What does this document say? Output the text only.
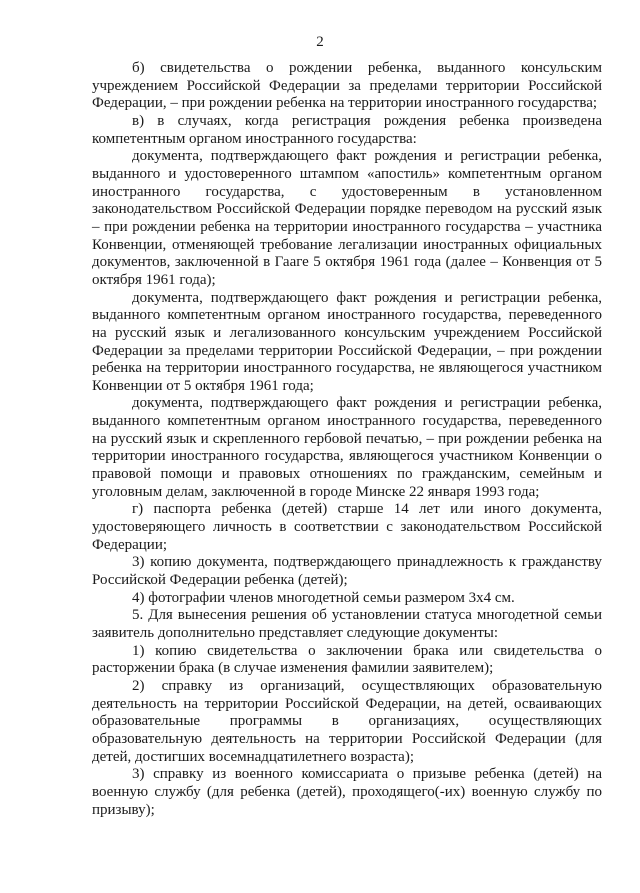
2

б) свидетельства о рождении ребенка, выданного консульским учреждением Российской Федерации за пределами территории Российской Федерации, – при рождении ребенка на территории иностранного государства;

в) в случаях, когда регистрация рождения ребенка произведена компетентным органом иностранного государства:

документа, подтверждающего факт рождения и регистрации ребенка, выданного и удостоверенного штампом «апостиль» компетентным органом иностранного государства, с удостоверенным в установленном законодательством Российской Федерации порядке переводом на русский язык – при рождении ребенка на территории иностранного государства – участника Конвенции, отменяющей требование легализации иностранных официальных документов, заключенной в Гааге 5 октября 1961 года (далее – Конвенция от 5 октября 1961 года);

документа, подтверждающего факт рождения и регистрации ребенка, выданного компетентным органом иностранного государства, переведенного на русский язык и легализованного консульским учреждением Российской Федерации за пределами территории Российской Федерации, – при рождении ребенка на территории иностранного государства, не являющегося участником Конвенции от 5 октября 1961 года;

документа, подтверждающего факт рождения и регистрации ребенка, выданного компетентным органом иностранного государства, переведенного на русский язык и скрепленного гербовой печатью, – при рождении ребенка на территории иностранного государства, являющегося участником Конвенции о правовой помощи и правовых отношениях по гражданским, семейным и уголовным делам, заключенной в городе Минске 22 января 1993 года;

г) паспорта ребенка (детей) старше 14 лет или иного документа, удостоверяющего личность в соответствии с законодательством Российской Федерации;

3) копию документа, подтверждающего принадлежность к гражданству Российской Федерации ребенка (детей);

4) фотографии членов многодетной семьи размером 3х4 см.

5. Для вынесения решения об установлении статуса многодетной семьи заявитель дополнительно представляет следующие документы:

1) копию свидетельства о заключении брака или свидетельства о расторжении брака (в случае изменения фамилии заявителем);

2) справку из организаций, осуществляющих образовательную деятельность на территории Российской Федерации, на детей, осваивающих образовательные программы в организациях, осуществляющих образовательную деятельность на территории Российской Федерации (для детей, достигших восемнадцатилетнего возраста);

3) справку из военного комиссариата о призыве ребенка (детей) на военную службу (для ребенка (детей), проходящего(-их) военную службу по призыву);
